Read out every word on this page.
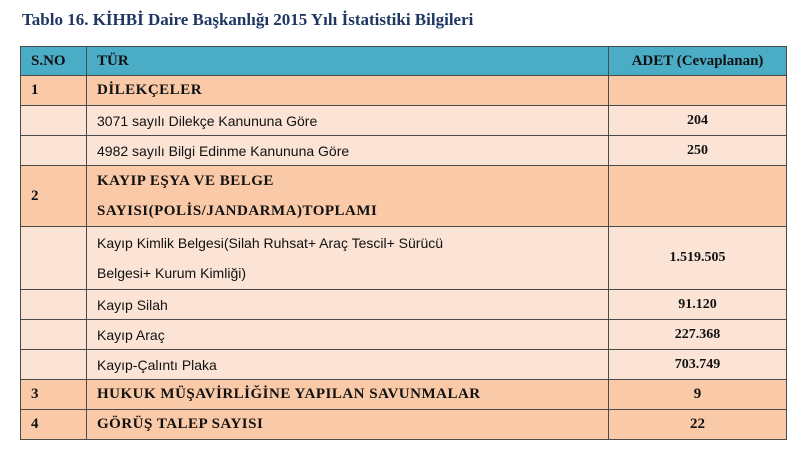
Tablo 16. KİHBİ Daire Başkanlığı 2015 Yılı İstatistiki Bilgileri
S.NO	TÜR	ADET (Cevaplanan)
1	DİLEKÇELER	
	3071 sayılı Dilekçe Kanununa Göre	204
	4982 sayılı Bilgi Edinme Kanununa Göre	250
2	KAYIP EŞYA VE BELGE
SAYISI(POLİS/JANDARMA)TOPLAMI	

	Kayıp Kimlik Belgesi(Silah Ruhsat+ Araç Tescil+ Sürücü
Belgesi+ Kurum Kimliği)	1.519.505
	Kayıp Silah	91.120
	Kayıp Araç	227.368
	Kayıp-Çalıntı Plaka	703.749
3	HUKUK MÜŞAVİRLİĞİNE YAPILAN SAVUNMALAR	9
4	GÖRÜŞ TALEP SAYISI	22
